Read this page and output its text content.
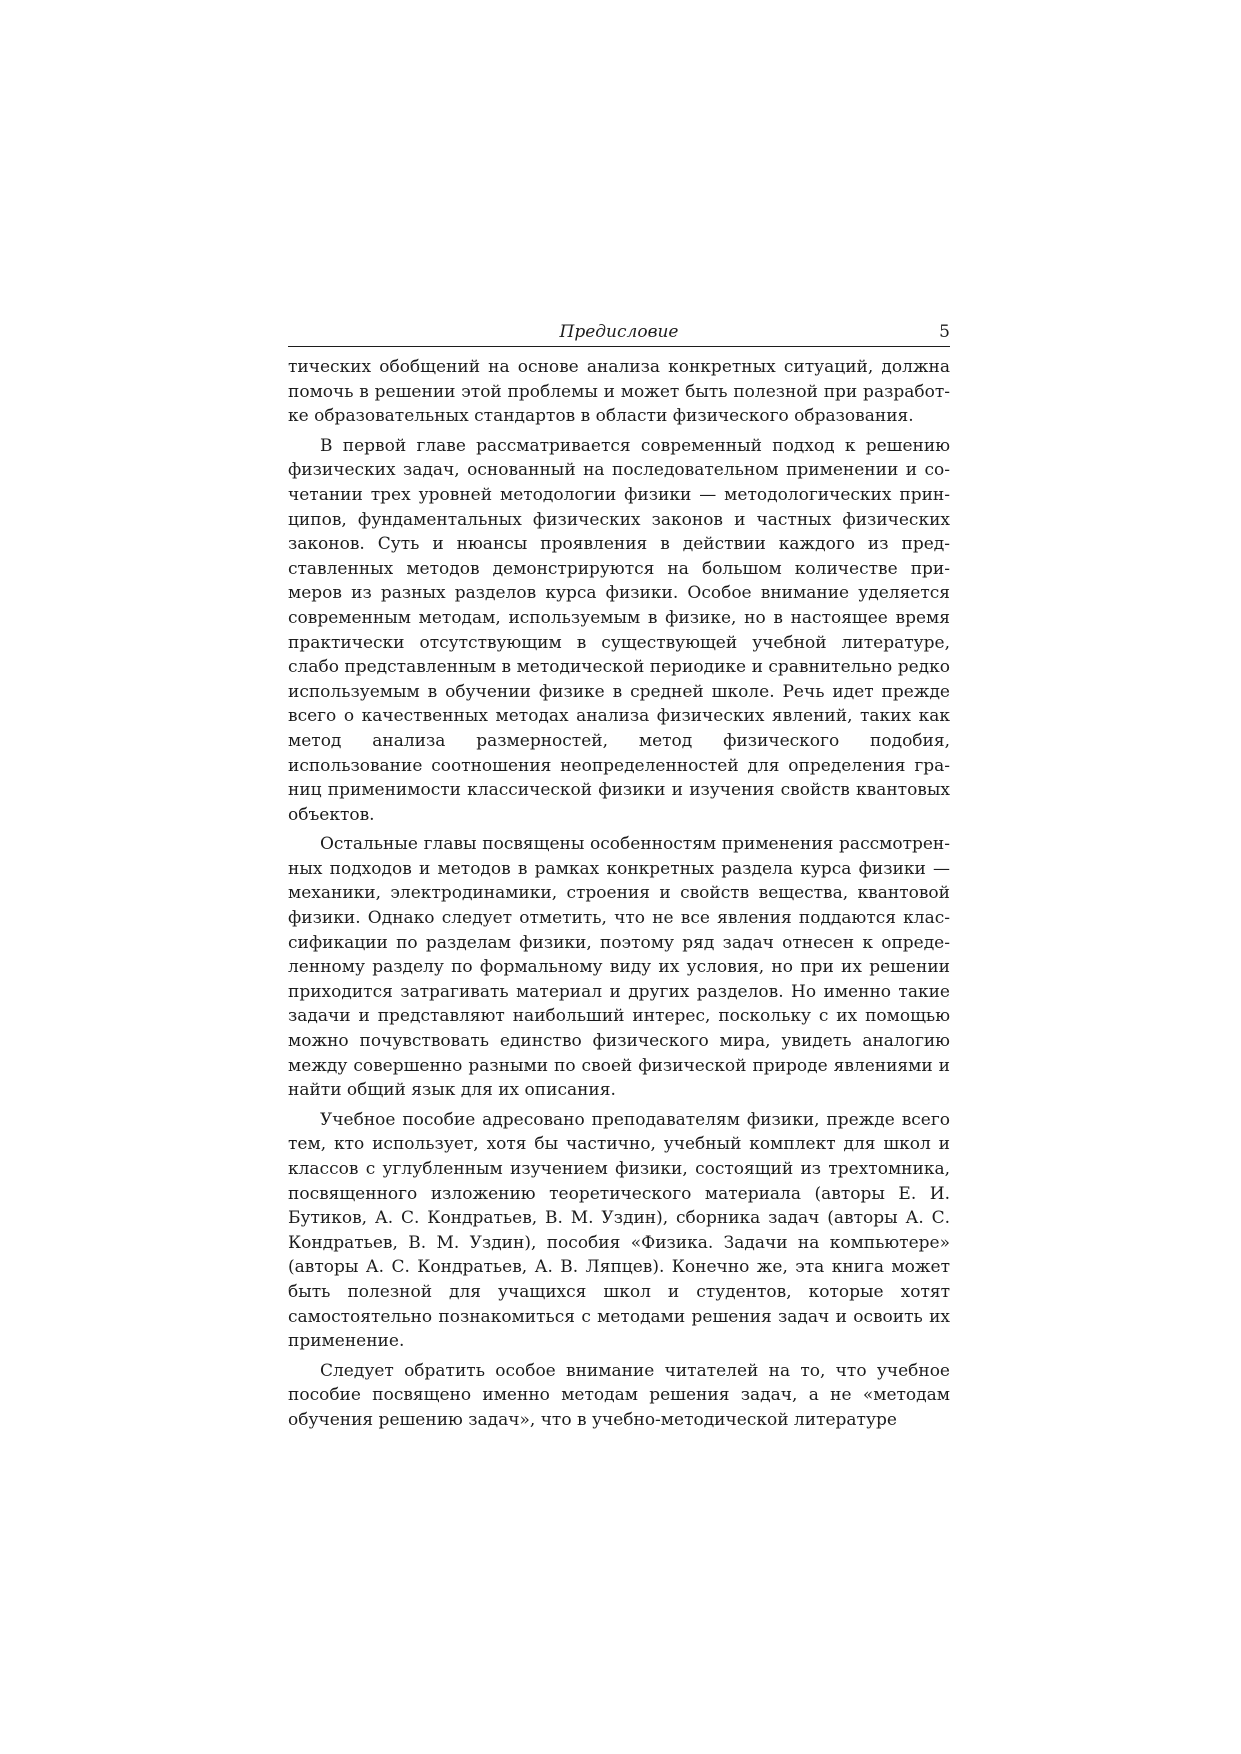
Предисловие	5

тических обобщений на основе анализа конкретных ситуаций, должна помочь в решении этой проблемы и может быть полезной при разработке образовательных стандартов в области физического образования.

В первой главе рассматривается современный подход к решению физических задач, основанный на последовательном применении и сочетании трех уровней методологии физики — методологических принципов, фундаментальных физических законов и частных физических законов. Суть и нюансы проявления в действии каждого из представленных методов демонстрируются на большом количестве примеров из разных разделов курса физики. Особое внимание уделяется современным методам, используемым в физике, но в настоящее время практически отсутствующим в существующей учебной литературе, слабо представленным в методической периодике и сравнительно редко используемым в обучении физике в средней школе. Речь идет прежде всего о качественных методах анализа физических явлений, таких как метод анализа размерностей, метод физического подобия, использование соотношения неопределенностей для определения границ применимости классической физики и изучения свойств квантовых объектов.

Остальные главы посвящены особенностям применения рассмотренных подходов и методов в рамках конкретных раздела курса физики — механики, электродинамики, строения и свойств вещества, квантовой физики. Однако следует отметить, что не все явления поддаются классификации по разделам физики, поэтому ряд задач отнесен к определенному разделу по формальному виду их условия, но при их решении приходится затрагивать материал и других разделов. Но именно такие задачи и представляют наибольший интерес, поскольку с их помощью можно почувствовать единство физического мира, увидеть аналогию между совершенно разными по своей физической природе явлениями и найти общий язык для их описания.

Учебное пособие адресовано преподавателям физики, прежде всего тем, кто использует, хотя бы частично, учебный комплект для школ и классов с углубленным изучением физики, состоящий из трехтомника, посвященного изложению теоретического материала (авторы Е. И. Бутиков, А. С. Кондратьев, В. М. Уздин), сборника задач (авторы А. С. Кондратьев, В. М. Уздин), пособия «Физика. Задачи на компьютере» (авторы А. С. Кондратьев, А. В. Ляпцев). Конечно же, эта книга может быть полезной для учащихся школ и студентов, которые хотят самостоятельно познакомиться с методами решения задач и освоить их применение.

Следует обратить особое внимание читателей на то, что учебное пособие посвящено именно методам решения задач, а не «методам обучения решению задач», что в учебно-методической литературе
